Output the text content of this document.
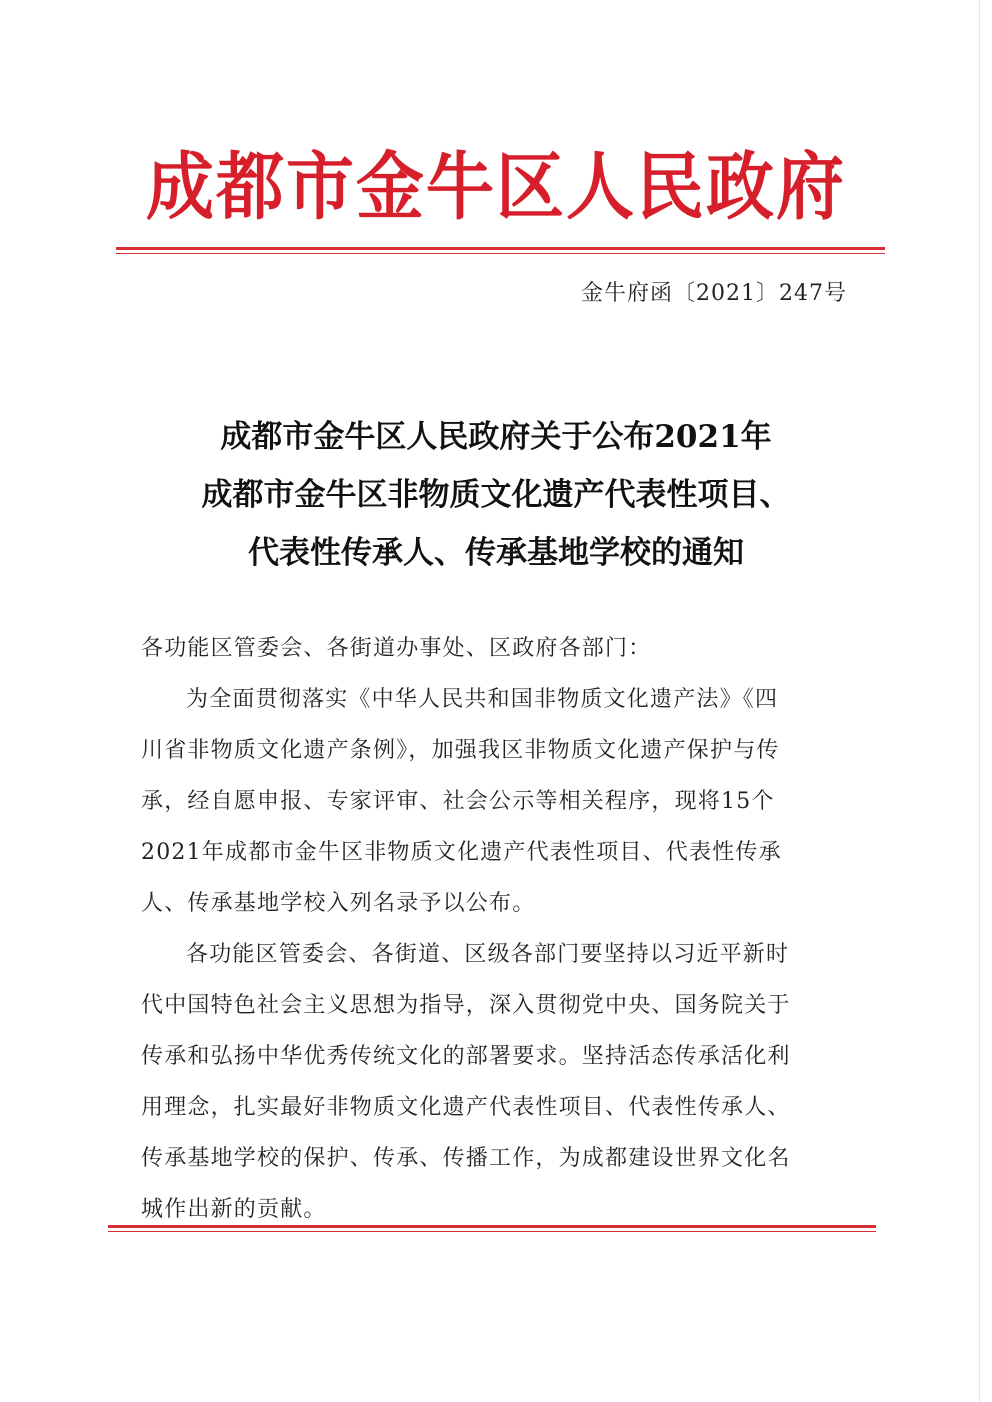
成都市金牛区人民政府
金牛府函〔2021〕247号
成都市金牛区人民政府关于公布2021年
成都市金牛区非物质文化遗产代表性项目、
代表性传承人、传承基地学校的通知
各功能区管委会、各街道办事处、区政府各部门：
为全面贯彻落实《中华人民共和国非物质文化遗产法》《四
川省非物质文化遗产条例》，加强我区非物质文化遗产保护与传
承，经自愿申报、专家评审、社会公示等相关程序，现将15个
2021年成都市金牛区非物质文化遗产代表性项目、代表性传承
人、传承基地学校入列名录予以公布。
各功能区管委会、各街道、区级各部门要坚持以习近平新时
代中国特色社会主义思想为指导，深入贯彻党中央、国务院关于
传承和弘扬中华优秀传统文化的部署要求。坚持活态传承活化利
用理念，扎实最好非物质文化遗产代表性项目、代表性传承人、
传承基地学校的保护、传承、传播工作，为成都建设世界文化名
城作出新的贡献。
